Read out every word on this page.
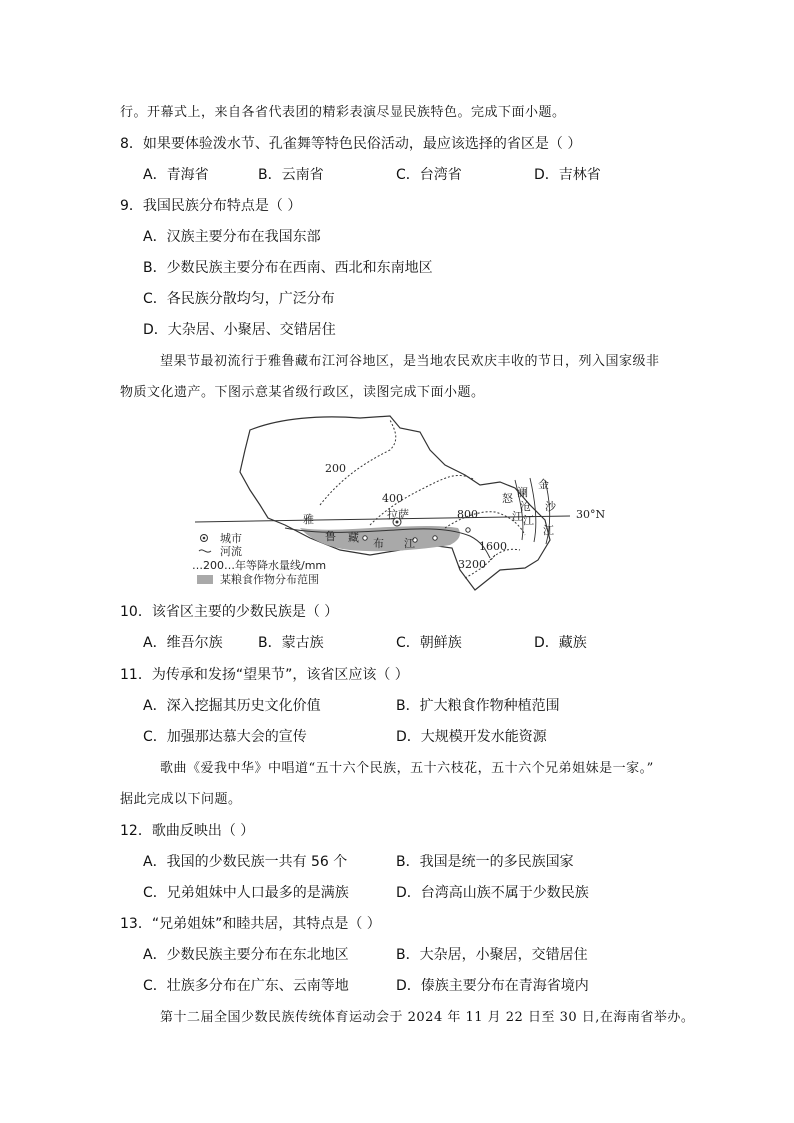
行。开幕式上，来自各省代表团的精彩表演尽显民族特色。完成下面小题。
8．如果要体验泼水节、孔雀舞等特色民俗活动，最应该选择的省区是（ ）
A．青海省	B．云南省	C．台湾省	D．吉林省
9．我国民族分布特点是（ ）
A．汉族主要分布在我国东部
B．少数民族主要分布在西南、西北和东南地区
C．各民族分散均匀，广泛分布
D．大杂居、小聚居、交错居住
望果节最初流行于雅鲁藏布江河谷地区，是当地农民欢庆丰收的节日，列入国家级非
物质文化遗产。下图示意某省级行政区，读图完成下面小题。
200
400
800
1600
3200
30°N
拉萨
雅
鲁 藏 布 江
怒
江
澜
沧
江
金
沙
江
城市
河流
…200…年等降水量线/mm
某粮食作物分布范围
10．该省区主要的少数民族是（ ）
A．维吾尔族	B．蒙古族	C．朝鲜族	D．藏族
11．为传承和发扬“望果节”，该省区应该（ ）
A．深入挖掘其历史文化价值	B．扩大粮食作物种植范围
C．加强那达慕大会的宣传	D．大规模开发水能资源
歌曲《爱我中华》中唱道“五十六个民族，五十六枝花，五十六个兄弟姐妹是一家。”
据此完成以下问题。
12．歌曲反映出（ ）
A．我国的少数民族一共有 56 个	B．我国是统一的多民族国家
C．兄弟姐妹中人口最多的是满族	D．台湾高山族不属于少数民族
13．“兄弟姐妹”和睦共居，其特点是（ ）
A．少数民族主要分布在东北地区	B．大杂居，小聚居，交错居住
C．壮族多分布在广东、云南等地	D．傣族主要分布在青海省境内
第十二届全国少数民族传统体育运动会于 2024 年 11 月 22 日至 30 日,在海南省举办。
